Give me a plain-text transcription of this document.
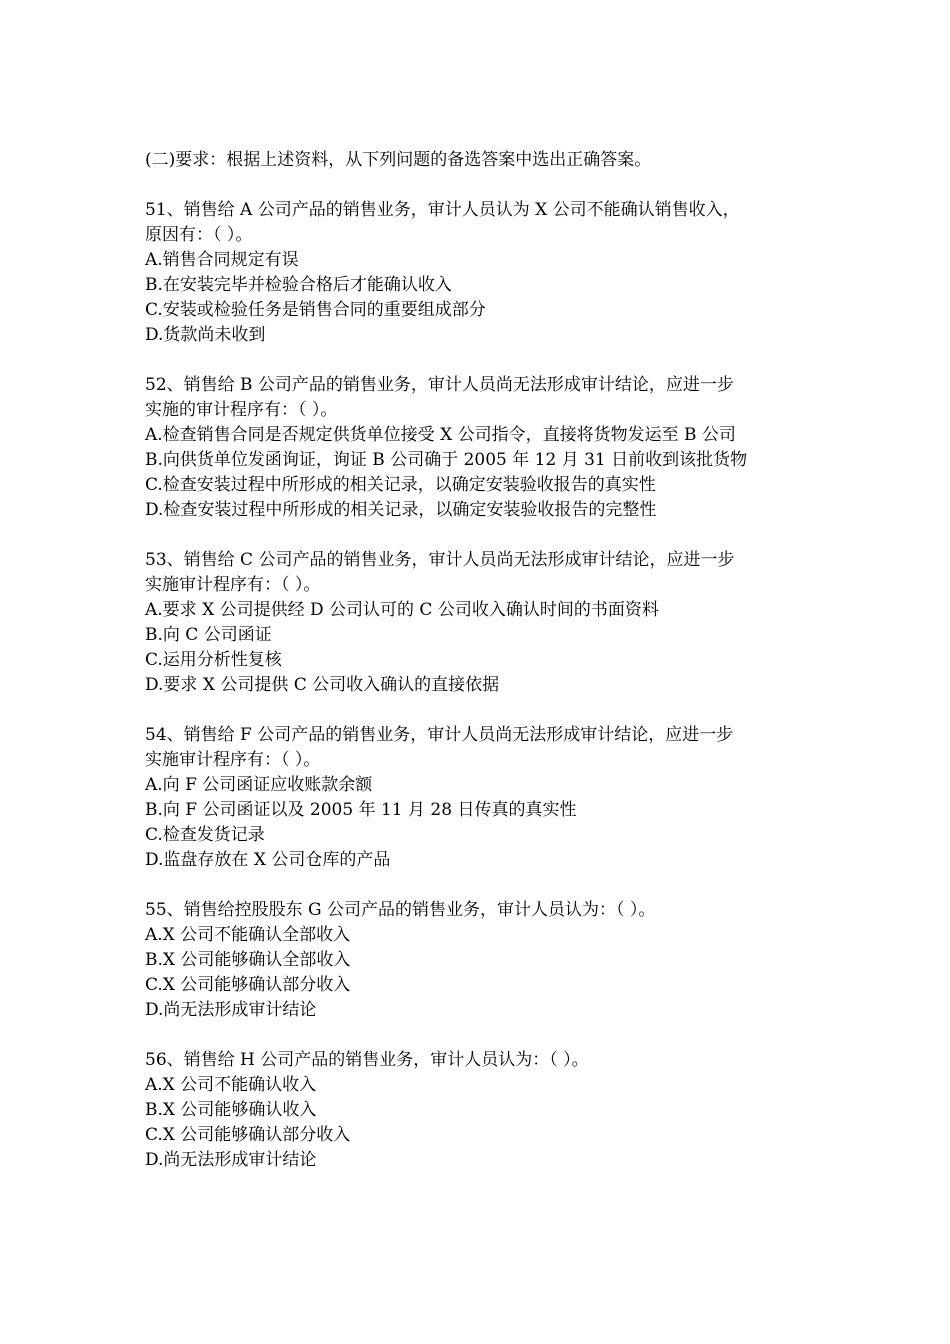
(二)要求：根据上述资料，从下列问题的备选答案中选出正确答案。
51、销售给 A 公司产品的销售业务，审计人员认为 X 公司不能确认销售收入，
原因有：（ ）。
A.销售合同规定有误
B.在安装完毕并检验合格后才能确认收入
C.安装或检验任务是销售合同的重要组成部分
D.货款尚未收到
52、销售给 B 公司产品的销售业务，审计人员尚无法形成审计结论，应进一步
实施的审计程序有：（ ）。
A.检查销售合同是否规定供货单位接受 X 公司指令，直接将货物发运至 B 公司
B.向供货单位发函询证，询证 B 公司确于 2005 年 12 月 31 日前收到该批货物
C.检查安装过程中所形成的相关记录，以确定安装验收报告的真实性
D.检查安装过程中所形成的相关记录，以确定安装验收报告的完整性
53、销售给 C 公司产品的销售业务，审计人员尚无法形成审计结论，应进一步
实施审计程序有：（ ）。
A.要求 X 公司提供经 D 公司认可的 C 公司收入确认时间的书面资料
B.向 C 公司函证
C.运用分析性复核
D.要求 X 公司提供 C 公司收入确认的直接依据
54、销售给 F 公司产品的销售业务，审计人员尚无法形成审计结论，应进一步
实施审计程序有：（ ）。
A.向 F 公司函证应收账款余额
B.向 F 公司函证以及 2005 年 11 月 28 日传真的真实性
C.检查发货记录
D.监盘存放在 X 公司仓库的产品
55、销售给控股股东 G 公司产品的销售业务，审计人员认为：（ ）。
A.X 公司不能确认全部收入
B.X 公司能够确认全部收入
C.X 公司能够确认部分收入
D.尚无法形成审计结论
56、销售给 H 公司产品的销售业务，审计人员认为：（ ）。
A.X 公司不能确认收入
B.X 公司能够确认收入
C.X 公司能够确认部分收入
D.尚无法形成审计结论
